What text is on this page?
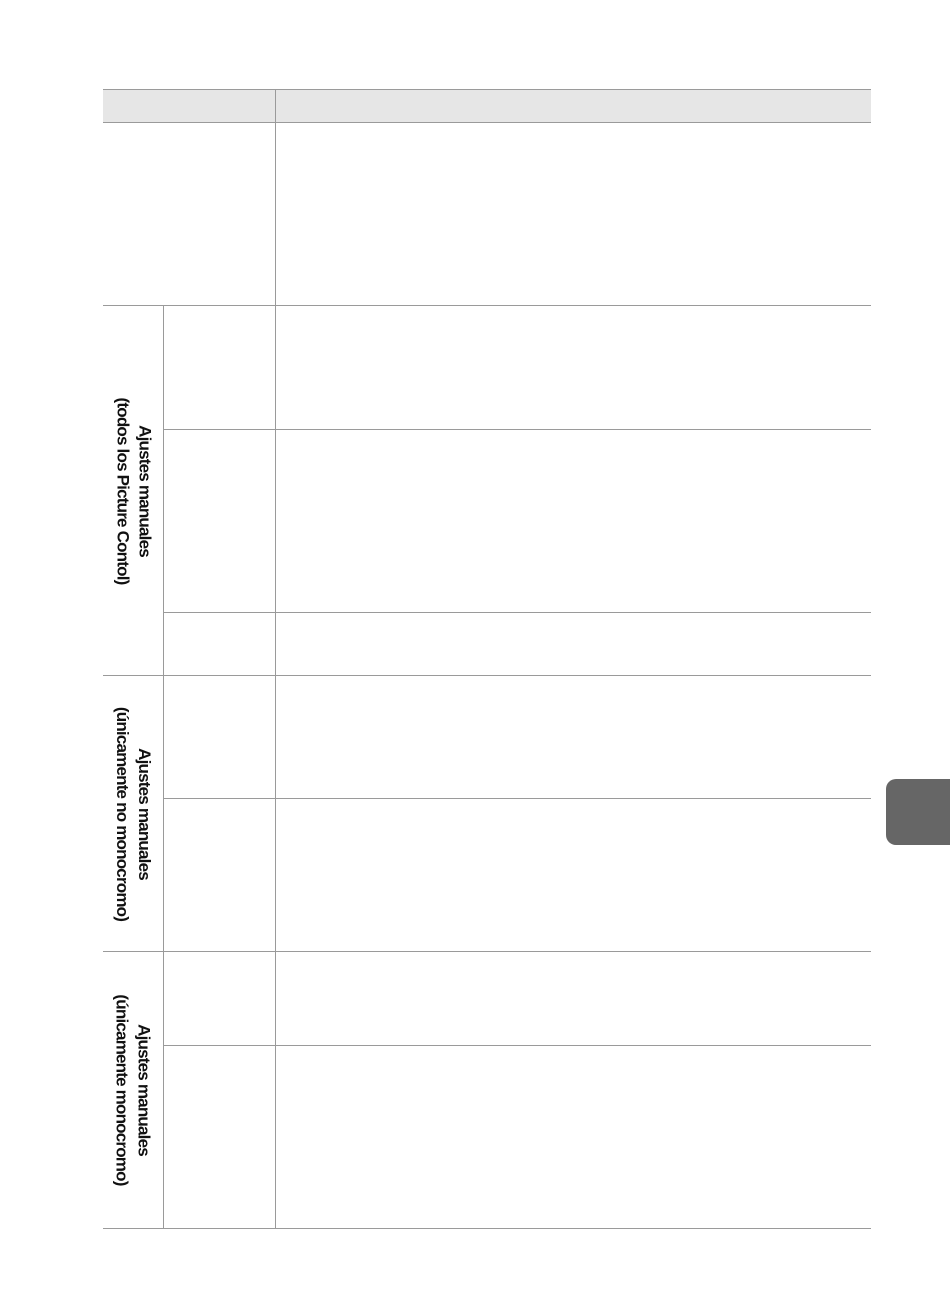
Ajustes manuales
(todos los Picture Contol)
Ajustes manuales
(únicamente no monocromo)
Ajustes manuales
(únicamente monocromo)
